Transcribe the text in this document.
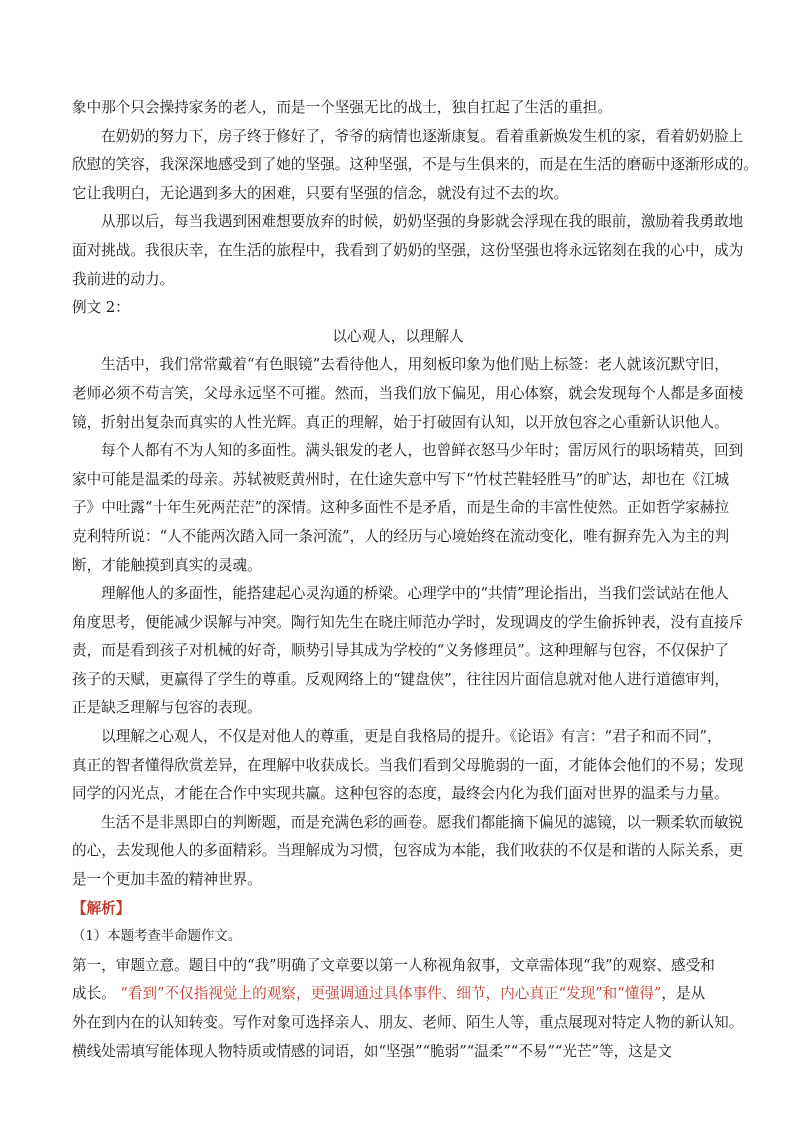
象中那个只会操持家务的老人，而是一个坚强无比的战士，独自扛起了生活的重担。
在奶奶的努力下，房子终于修好了，爷爷的病情也逐渐康复。看着重新焕发生机的家，看着奶奶脸上
欣慰的笑容，我深深地感受到了她的坚强。这种坚强，不是与生俱来的，而是在生活的磨砺中逐渐形成的。
它让我明白，无论遇到多大的困难，只要有坚强的信念，就没有过不去的坎。
从那以后，每当我遇到困难想要放弃的时候，奶奶坚强的身影就会浮现在我的眼前，激励着我勇敢地
面对挑战。我很庆幸，在生活的旅程中，我看到了奶奶的坚强，这份坚强也将永远铭刻在我的心中，成为
我前进的动力。
例文 2：
以心观人，以理解人
生活中，我们常常戴着“有色眼镜”去看待他人，用刻板印象为他们贴上标签：老人就该沉默守旧，
老师必须不苟言笑，父母永远坚不可摧。然而，当我们放下偏见，用心体察，就会发现每个人都是多面棱
镜，折射出复杂而真实的人性光辉。真正的理解，始于打破固有认知，以开放包容之心重新认识他人。
每个人都有不为人知的多面性。满头银发的老人，也曾鲜衣怒马少年时；雷厉风行的职场精英，回到
家中可能是温柔的母亲。苏轼被贬黄州时，在仕途失意中写下“竹杖芒鞋轻胜马”的旷达，却也在《江城
子》中吐露“十年生死两茫茫”的深情。这种多面性不是矛盾，而是生命的丰富性使然。正如哲学家赫拉
克利特所说：“人不能两次踏入同一条河流”，人的经历与心境始终在流动变化，唯有摒弃先入为主的判
断，才能触摸到真实的灵魂。
理解他人的多面性，能搭建起心灵沟通的桥梁。心理学中的“共情”理论指出，当我们尝试站在他人
角度思考，便能减少误解与冲突。陶行知先生在晓庄师范办学时，发现调皮的学生偷拆钟表，没有直接斥
责，而是看到孩子对机械的好奇，顺势引导其成为学校的“义务修理员”。这种理解与包容，不仅保护了
孩子的天赋，更赢得了学生的尊重。反观网络上的“键盘侠”，往往因片面信息就对他人进行道德审判，
正是缺乏理解与包容的表现。
以理解之心观人，不仅是对他人的尊重，更是自我格局的提升。《论语》有言：“君子和而不同”，
真正的智者懂得欣赏差异，在理解中收获成长。当我们看到父母脆弱的一面，才能体会他们的不易；发现
同学的闪光点，才能在合作中实现共赢。这种包容的态度，最终会内化为我们面对世界的温柔与力量。
生活不是非黑即白的判断题，而是充满色彩的画卷。愿我们都能摘下偏见的滤镜，以一颗柔软而敏锐
的心，去发现他人的多面精彩。当理解成为习惯，包容成为本能，我们收获的不仅是和谐的人际关系，更
是一个更加丰盈的精神世界。
【解析】
（1）本题考查半命题作文。
第一，审题立意。题目中的“我”明确了文章要以第一人称视角叙事，文章需体现“我”的观察、感受和
成长。 “看到”不仅指视觉上的观察，更强调通过具体事件、细节，内心真正“发现”和“懂得”，是从
外在到内在的认知转变。写作对象可选择亲人、朋友、老师、陌生人等，重点展现对特定人物的新认知。
横线处需填写能体现人物特质或情感的词语，如“坚强”“脆弱”“温柔”“不易”“光芒”等，这是文
